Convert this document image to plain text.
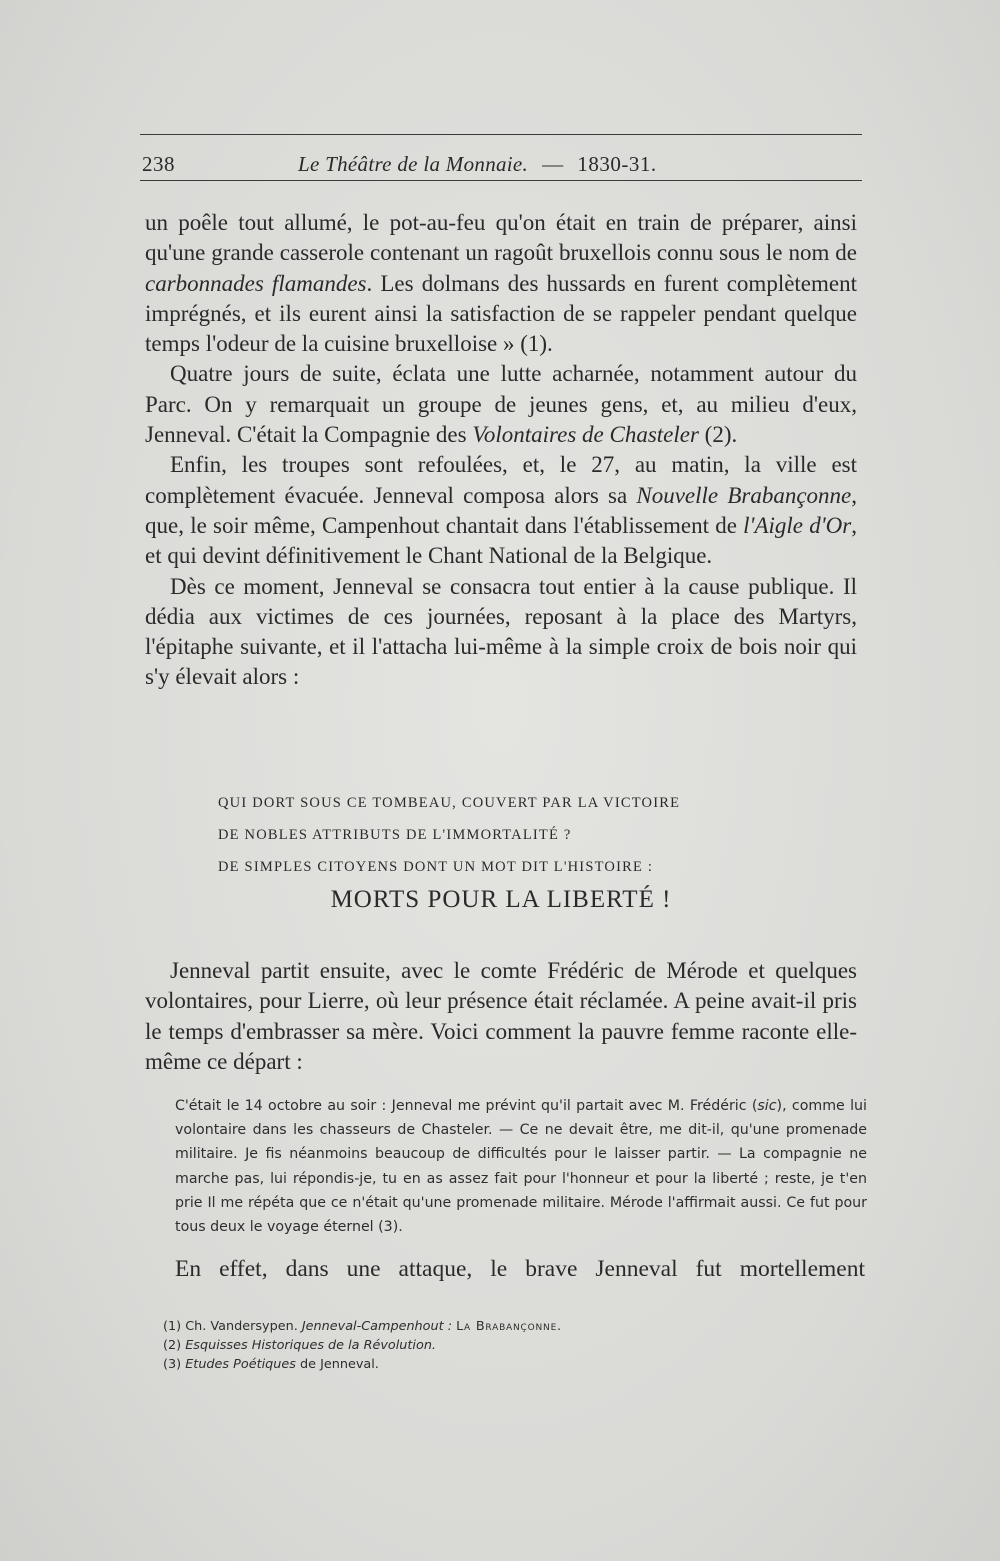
238	Le Théâtre de la Monnaie. — 1830-31.

un poêle tout allumé, le pot-au-feu qu'on était en train de préparer, ainsi qu'une grande casserole contenant un ragoût bruxellois connu sous le nom de carbonnades flamandes. Les dolmans des hussards en furent complètement imprégnés, et ils eurent ainsi la satisfaction de se rappeler pendant quelque temps l'odeur de la cuisine bruxelloise » (1).

Quatre jours de suite, éclata une lutte acharnée, notamment autour du Parc. On y remarquait un groupe de jeunes gens, et, au milieu d'eux, Jenneval. C'était la Compagnie des Volontaires de Chasteler (2).

Enfin, les troupes sont refoulées, et, le 27, au matin, la ville est complètement évacuée. Jenneval composa alors sa Nouvelle Brabançonne, que, le soir même, Campenhout chantait dans l'établissement de l'Aigle d'Or, et qui devint définitivement le Chant National de la Belgique.

Dès ce moment, Jenneval se consacra tout entier à la cause publique. Il dédia aux victimes de ces journées, reposant à la place des Martyrs, l'épitaphe suivante, et il l'attacha lui-même à la simple croix de bois noir qui s'y élevait alors :

QUI DORT SOUS CE TOMBEAU, COUVERT PAR LA VICTOIRE
DE NOBLES ATTRIBUTS DE L'IMMORTALITÉ ?
DE SIMPLES CITOYENS DONT UN MOT DIT L'HISTOIRE :
MORTS POUR LA LIBERTÉ !

Jenneval partit ensuite, avec le comte Frédéric de Mérode et quelques volontaires, pour Lierre, où leur présence était réclamée. A peine avait-il pris le temps d'embrasser sa mère. Voici comment la pauvre femme raconte elle-même ce départ :

C'était le 14 octobre au soir : Jenneval me prévint qu'il partait avec M. Frédéric (sic), comme lui volontaire dans les chasseurs de Chasteler. — Ce ne devait être, me dit-il, qu'une promenade militaire. Je fis néanmoins beaucoup de difficultés pour le laisser partir. — La compagnie ne marche pas, lui répondis-je, tu en as assez fait pour l'honneur et pour la liberté ; reste, je t'en prie Il me répéta que ce n'était qu'une promenade militaire. Mérode l'affirmait aussi. Ce fut pour tous deux le voyage éternel (3).

En effet, dans une attaque, le brave Jenneval fut mortellement
(1) Ch. Vandersypen. Jenneval-Campenhout : La Brabançonne.
(2) Esquisses Historiques de la Révolution.
(3) Etudes Poétiques de Jenneval.
